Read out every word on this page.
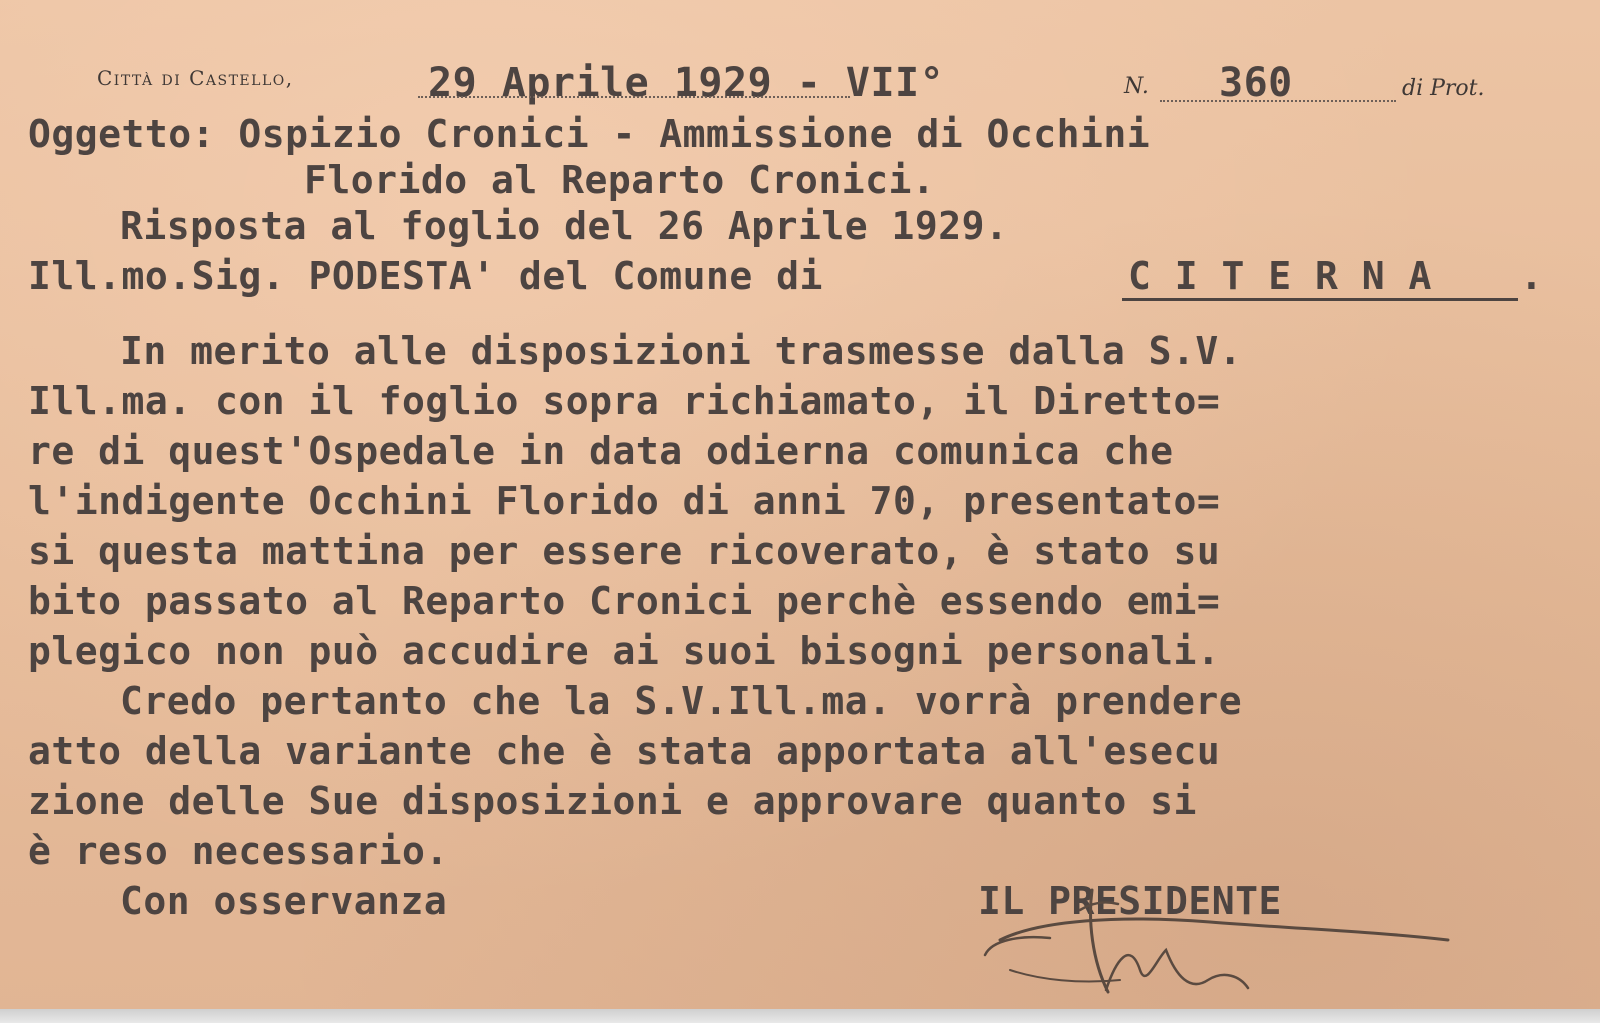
Città di Castello,	29 Aprile 1929 - VII°	N. 360	di Prot.
Oggetto: Ospizio Cronici - Ammissione di Occhini
Florido al Reparto Cronici.
Risposta al foglio del 26 Aprile 1929.
Ill.mo.Sig. PODESTA' del Comune di	C I T E R N A .
In merito alle disposizioni trasmesse dalla S.V.
Ill.ma. con il foglio sopra richiamato, il Diretto=
re di quest'Ospedale in data odierna comunica che
l'indigente Occhini Florido di anni 70, presentato=
si questa mattina per essere ricoverato, è stato su
bito passato al Reparto Cronici perchè essendo emi=
plegico non può accudire ai suoi bisogni personali.
Credo pertanto che la S.V.Ill.ma. vorrà prendere
atto della variante che è stata apportata all'esecu
zione delle Sue disposizioni e approvare quanto si
è reso necessario.
Con osservanza	IL PRESIDENTE
